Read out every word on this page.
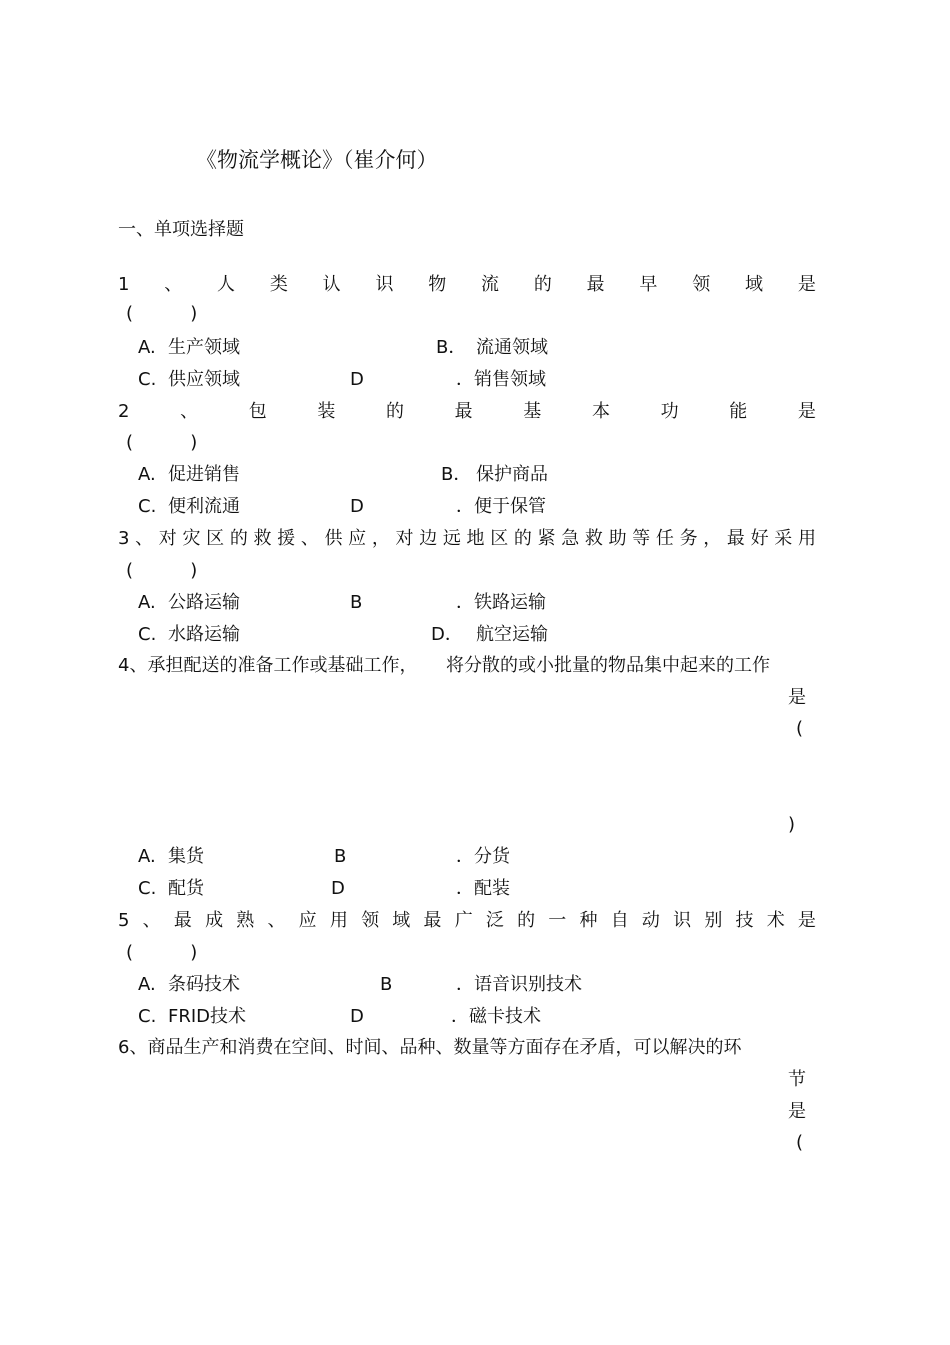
《物流学概论》（崔介何）
一、单项选择题
1 、 人 类 认 识 物 流 的 最 早 领 域 是
(          )
A. 生产领域	B． 流通领域
C. 供应领域	D	．销售领域
2	、	包	装	的	最	基	本	功	能	是
(          )
A. 促进销售	B． 保护商品
C. 便利流通	D	．便于保管
3 、 对 灾 区 的 救 援 、 供 应 ， 对 边 远 地 区 的 紧 急 救 助 等 任 务 ， 最 好 采 用
(          )
A. 公路运输	B	．铁路运输
C. 水路运输	D． 航空运输
4、承担配送的准备工作或基础工作， 将分散的或小批量的物品集中起来的工作
是
(
)
A. 集货	B	．分货
C. 配货	D	．配装
5 、 最 成 熟 、 应 用 领 域 最 广 泛 的 一 种 自 动 识 别 技 术 是
(          )
A. 条码技术	B	．语音识别技术
C. FRID技术	D	．磁卡技术
6、商品生产和消费在空间、时间、品种、数量等方面存在矛盾，可以解决的环
节
是
(
